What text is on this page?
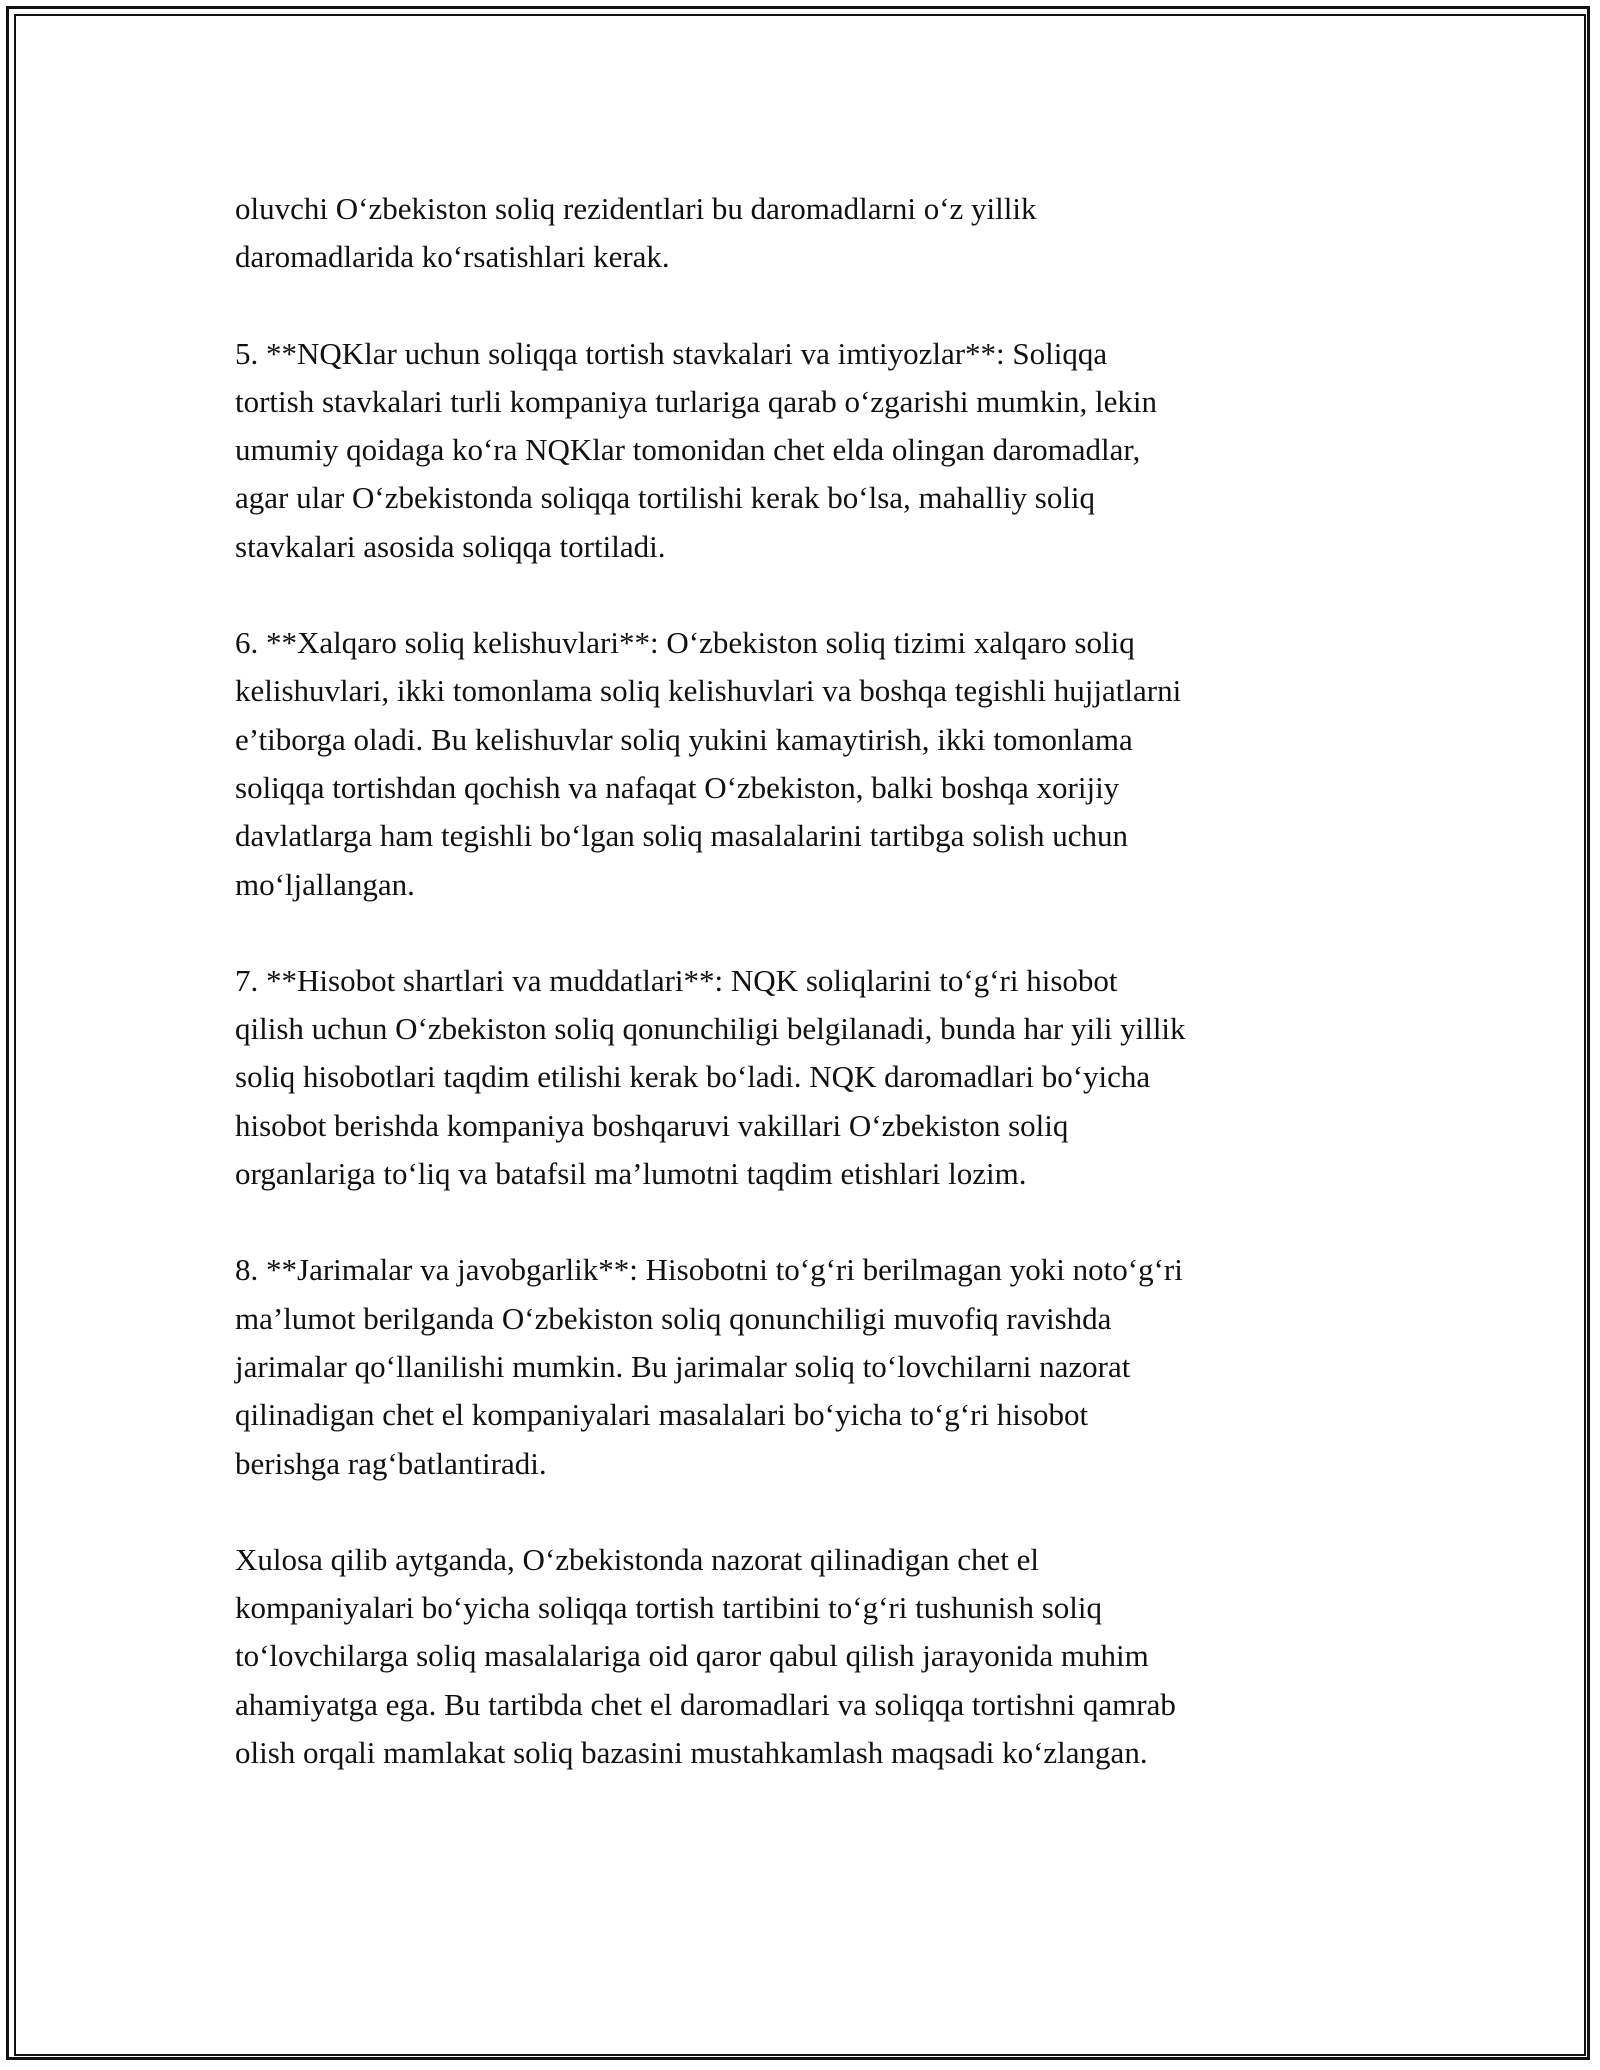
oluvchi O‘zbekiston soliq rezidentlari bu daromadlarni o‘z yillik
daromadlarida ko‘rsatishlari kerak.

5. **NQKlar uchun soliqqa tortish stavkalari va imtiyozlar**: Soliqqa
tortish stavkalari turli kompaniya turlariga qarab o‘zgarishi mumkin, lekin
umumiy qoidaga ko‘ra NQKlar tomonidan chet elda olingan daromadlar,
agar ular O‘zbekistonda soliqqa tortilishi kerak bo‘lsa, mahalliy soliq
stavkalari asosida soliqqa tortiladi.

6. **Xalqaro soliq kelishuvlari**: O‘zbekiston soliq tizimi xalqaro soliq
kelishuvlari, ikki tomonlama soliq kelishuvlari va boshqa tegishli hujjatlarni
e’tiborga oladi. Bu kelishuvlar soliq yukini kamaytirish, ikki tomonlama
soliqqa tortishdan qochish va nafaqat O‘zbekiston, balki boshqa xorijiy
davlatlarga ham tegishli bo‘lgan soliq masalalarini tartibga solish uchun
mo‘ljallangan.

7. **Hisobot shartlari va muddatlari**: NQK soliqlarini to‘g‘ri hisobot
qilish uchun O‘zbekiston soliq qonunchiligi belgilanadi, bunda har yili yillik
soliq hisobotlari taqdim etilishi kerak bo‘ladi. NQK daromadlari bo‘yicha
hisobot berishda kompaniya boshqaruvi vakillari O‘zbekiston soliq
organlariga to‘liq va batafsil ma’lumotni taqdim etishlari lozim.

8. **Jarimalar va javobgarlik**: Hisobotni to‘g‘ri berilmagan yoki noto‘g‘ri
ma’lumot berilganda O‘zbekiston soliq qonunchiligi muvofiq ravishda
jarimalar qo‘llanilishi mumkin. Bu jarimalar soliq to‘lovchilarni nazorat
qilinadigan chet el kompaniyalari masalalari bo‘yicha to‘g‘ri hisobot
berishga rag‘batlantiradi.

Xulosa qilib aytganda, O‘zbekistonda nazorat qilinadigan chet el
kompaniyalari bo‘yicha soliqqa tortish tartibini to‘g‘ri tushunish soliq
to‘lovchilarga soliq masalalariga oid qaror qabul qilish jarayonida muhim
ahamiyatga ega. Bu tartibda chet el daromadlari va soliqqa tortishni qamrab
olish orqali mamlakat soliq bazasini mustahkamlash maqsadi ko‘zlangan.
